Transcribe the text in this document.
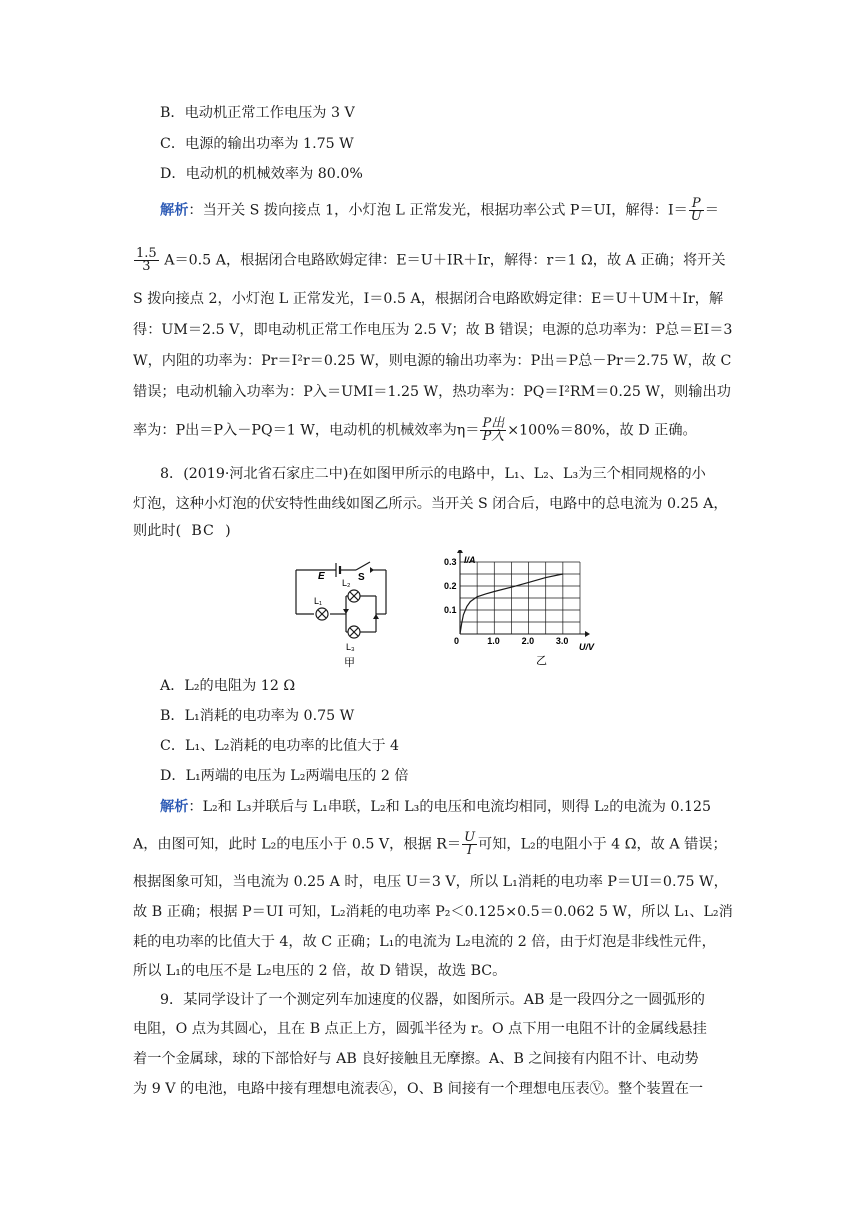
B．电动机正常工作电压为 3 V
C．电源的输出功率为 1.75 W
D．电动机的机械效率为 80.0%
解析：当开关 S 拨向接点 1，小灯泡 L 正常发光，根据功率公式 P＝UI，解得：$I= \frac{P}{U}$ ＝
$\frac{1.5}{3} A=0.5$ A，根据闭合电路欧姆定律：E＝U＋IR＋Ir，解得：r＝1 Ω，故 A 正确；将开关
S 拨向接点 2，小灯泡 L 正常发光，I＝0.5 A，根据闭合电路欧姆定律：E＝U＋UM＋Ir，解
得：UM＝2.5 V，即电动机正常工作电压为 2.5 V；故 B 错误；电源的总功率为：P总＝EI＝3
W，内阻的功率为：Pr＝I²r＝0.25 W，则电源的输出功率为：P出＝P总－Pr＝2.75 W，故 C
错误；电动机输入功率为：P入＝UMI＝1.25 W，热功率为：PQ＝I²RM＝0.25 W，则输出功
率为：P出＝P入－PQ＝1 W，电动机的机械效率为$\eta= \frac{\text{P出}}{\text{P入}} \times 100\%=80\%$，故 D 正确。
8．(2019·河北省石家庄二中)在如图甲所示的电路中，L₁、L₂、L₃为三个相同规格的小
灯泡，这种小灯泡的伏安特性曲线如图乙所示。当开关 S 闭合后，电路中的总电流为 0.25 A，
则此时( BC )
E	S
L₂
L₁
L₃
甲
0	1.0 2.0 3.0
0.1
0.2
0.3 I/A
U/V
乙
A．L₂的电阻为 12 Ω
B．L₁消耗的电功率为 0.75 W
C．L₁、L₂消耗的电功率的比值大于 4
D．L₁两端的电压为 L₂两端电压的 2 倍
解析：L₂和 L₃并联后与 L₁串联，L₂和 L₃的电压和电流均相同，则得 L₂的电流为 0.125
A，由图可知，此时 L₂的电压小于 0.5 V，根据 $R= \frac{U}{I}$ 可知，L₂的电阻小于 4 Ω，故 A 错误；
根据图象可知，当电流为 0.25 A 时，电压 U＝3 V，所以 L₁消耗的电功率 P＝UI＝0.75 W，
故 B 正确；根据 P＝UI 可知，L₂消耗的电功率 P₂＜0.125×0.5＝0.062 5 W，所以 L₁、L₂消
耗的电功率的比值大于 4，故 C 正确；L₁的电流为 L₂电流的 2 倍，由于灯泡是非线性元件，
所以 L₁的电压不是 L₂电压的 2 倍，故 D 错误，故选 BC。
9．某同学设计了一个测定列车加速度的仪器，如图所示。AB 是一段四分之一圆弧形的
电阻，O 点为其圆心，且在 B 点正上方，圆弧半径为 r。O 点下用一电阻不计的金属线悬挂
着一个金属球，球的下部恰好与 AB 良好接触且无摩擦。A、B 之间接有内阻不计、电动势
为 9 V 的电池，电路中接有理想电流表Ⓐ，O、B 间接有一个理想电压表Ⓥ。整个装置在一
